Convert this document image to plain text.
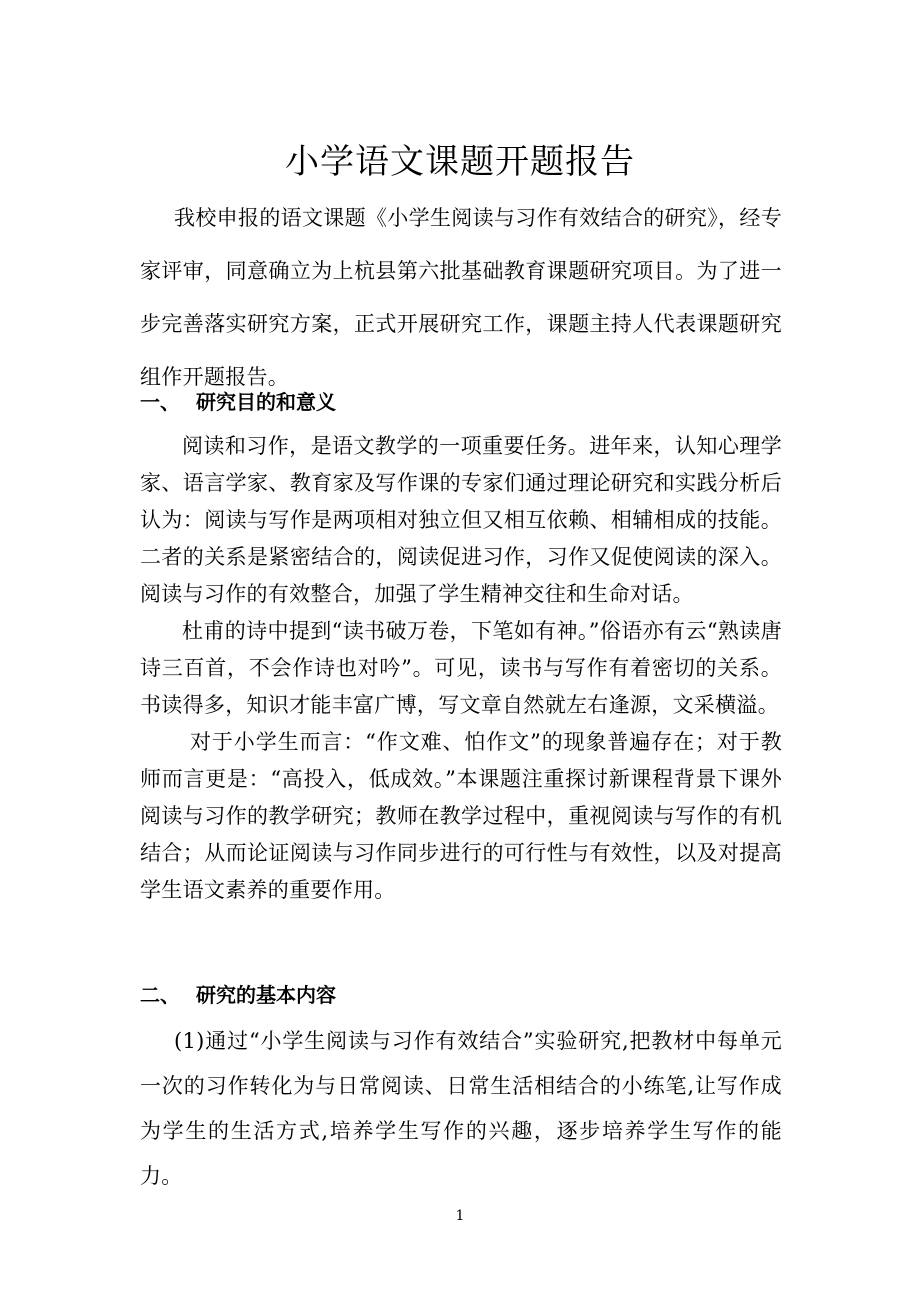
小学语文课题开题报告

我校申报的语文课题《小学生阅读与习作有效结合的研究》，经专家评审，同意确立为上杭县第六批基础教育课题研究项目。为了进一步完善落实研究方案，正式开展研究工作，课题主持人代表课题研究组作开题报告。

一、 研究目的和意义

阅读和习作，是语文教学的一项重要任务。进年来，认知心理学家、语言学家、教育家及写作课的专家们通过理论研究和实践分析后认为：阅读与写作是两项相对独立但又相互依赖、相辅相成的技能。二者的关系是紧密结合的，阅读促进习作，习作又促使阅读的深入。阅读与习作的有效整合，加强了学生精神交往和生命对话。

杜甫的诗中提到“读书破万卷，下笔如有神。”俗语亦有云“熟读唐诗三百首，不会作诗也对吟”。可见，读书与写作有着密切的关系。书读得多，知识才能丰富广博，写文章自然就左右逢源，文采横溢。

对于小学生而言：“作文难、怕作文”的现象普遍存在；对于教师而言更是：“高投入，低成效。”本课题注重探讨新课程背景下课外阅读与习作的教学研究；教师在教学过程中，重视阅读与写作的有机结合；从而论证阅读与习作同步进行的可行性与有效性，以及对提高学生语文素养的重要作用。

二、 研究的基本内容

(1)通过“小学生阅读与习作有效结合”实验研究,把教材中每单元一次的习作转化为与日常阅读、日常生活相结合的小练笔,让写作成为学生的生活方式,培养学生写作的兴趣，逐步培养学生写作的能力。

1
